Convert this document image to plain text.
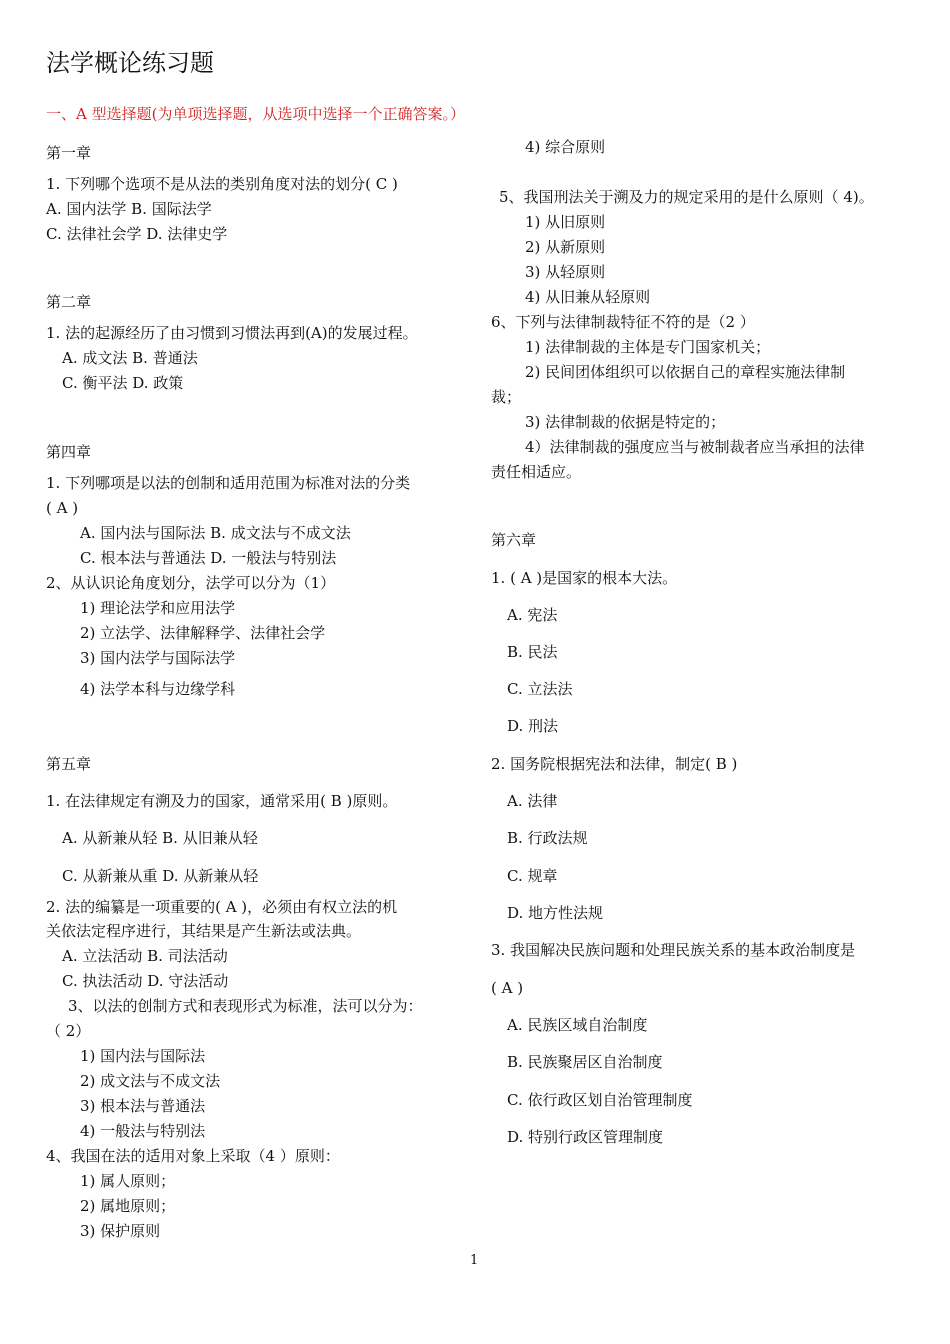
法学概论练习题
一、A 型选择题(为单项选择题，从选项中选择一个正确答案。）
第一章
1. 下列哪个选项不是从法的类别角度对法的划分( C )
A. 国内法学 B. 国际法学
C. 法律社会学 D. 法律史学
第二章
1. 法的起源经历了由习惯到习惯法再到(A)的发展过程。
A. 成文法 B. 普通法
C. 衡平法 D. 政策
第四章
1. 下列哪项是以法的创制和适用范围为标准对法的分类
( A )
A. 国内法与国际法 B. 成文法与不成文法
C. 根本法与普通法 D. 一般法与特别法
2、从认识论角度划分，法学可以分为（1）
1) 理论法学和应用法学
2) 立法学、法律解释学、法律社会学
3) 国内法学与国际法学
4) 法学本科与边缘学科
第五章
1. 在法律规定有溯及力的国家，通常采用( B )原则。
A. 从新兼从轻 B. 从旧兼从轻
C. 从新兼从重 D. 从新兼从轻
2. 法的编纂是一项重要的( A )，必须由有权立法的机
关依法定程序进行，其结果是产生新法或法典。
A. 立法活动 B. 司法活动
C. 执法活动 D. 守法活动
3、以法的创制方式和表现形式为标准，法可以分为：
（ 2）
1) 国内法与国际法
2) 成文法与不成文法
3) 根本法与普通法
4) 一般法与特别法
4、我国在法的适用对象上采取（4 ）原则：
1) 属人原则；
2) 属地原则；
3) 保护原则
4) 综合原则
5、我国刑法关于溯及力的规定采用的是什么原则（ 4)。
1) 从旧原则
2) 从新原则
3) 从轻原则
4) 从旧兼从轻原则
6、下列与法律制裁特征不符的是（2 ）
1) 法律制裁的主体是专门国家机关；
2) 民间团体组织可以依据自己的章程实施法律制
裁；
3) 法律制裁的依据是特定的；
4）法律制裁的强度应当与被制裁者应当承担的法律
责任相适应。
第六章
1. ( A )是国家的根本大法。
A. 宪法
B. 民法
C. 立法法
D. 刑法
2. 国务院根据宪法和法律，制定( B )
A. 法律
B. 行政法规
C. 规章
D. 地方性法规
3. 我国解决民族问题和处理民族关系的基本政治制度是
( A )
A. 民族区域自治制度
B. 民族聚居区自治制度
C. 依行政区划自治管理制度
D. 特别行政区管理制度
1
